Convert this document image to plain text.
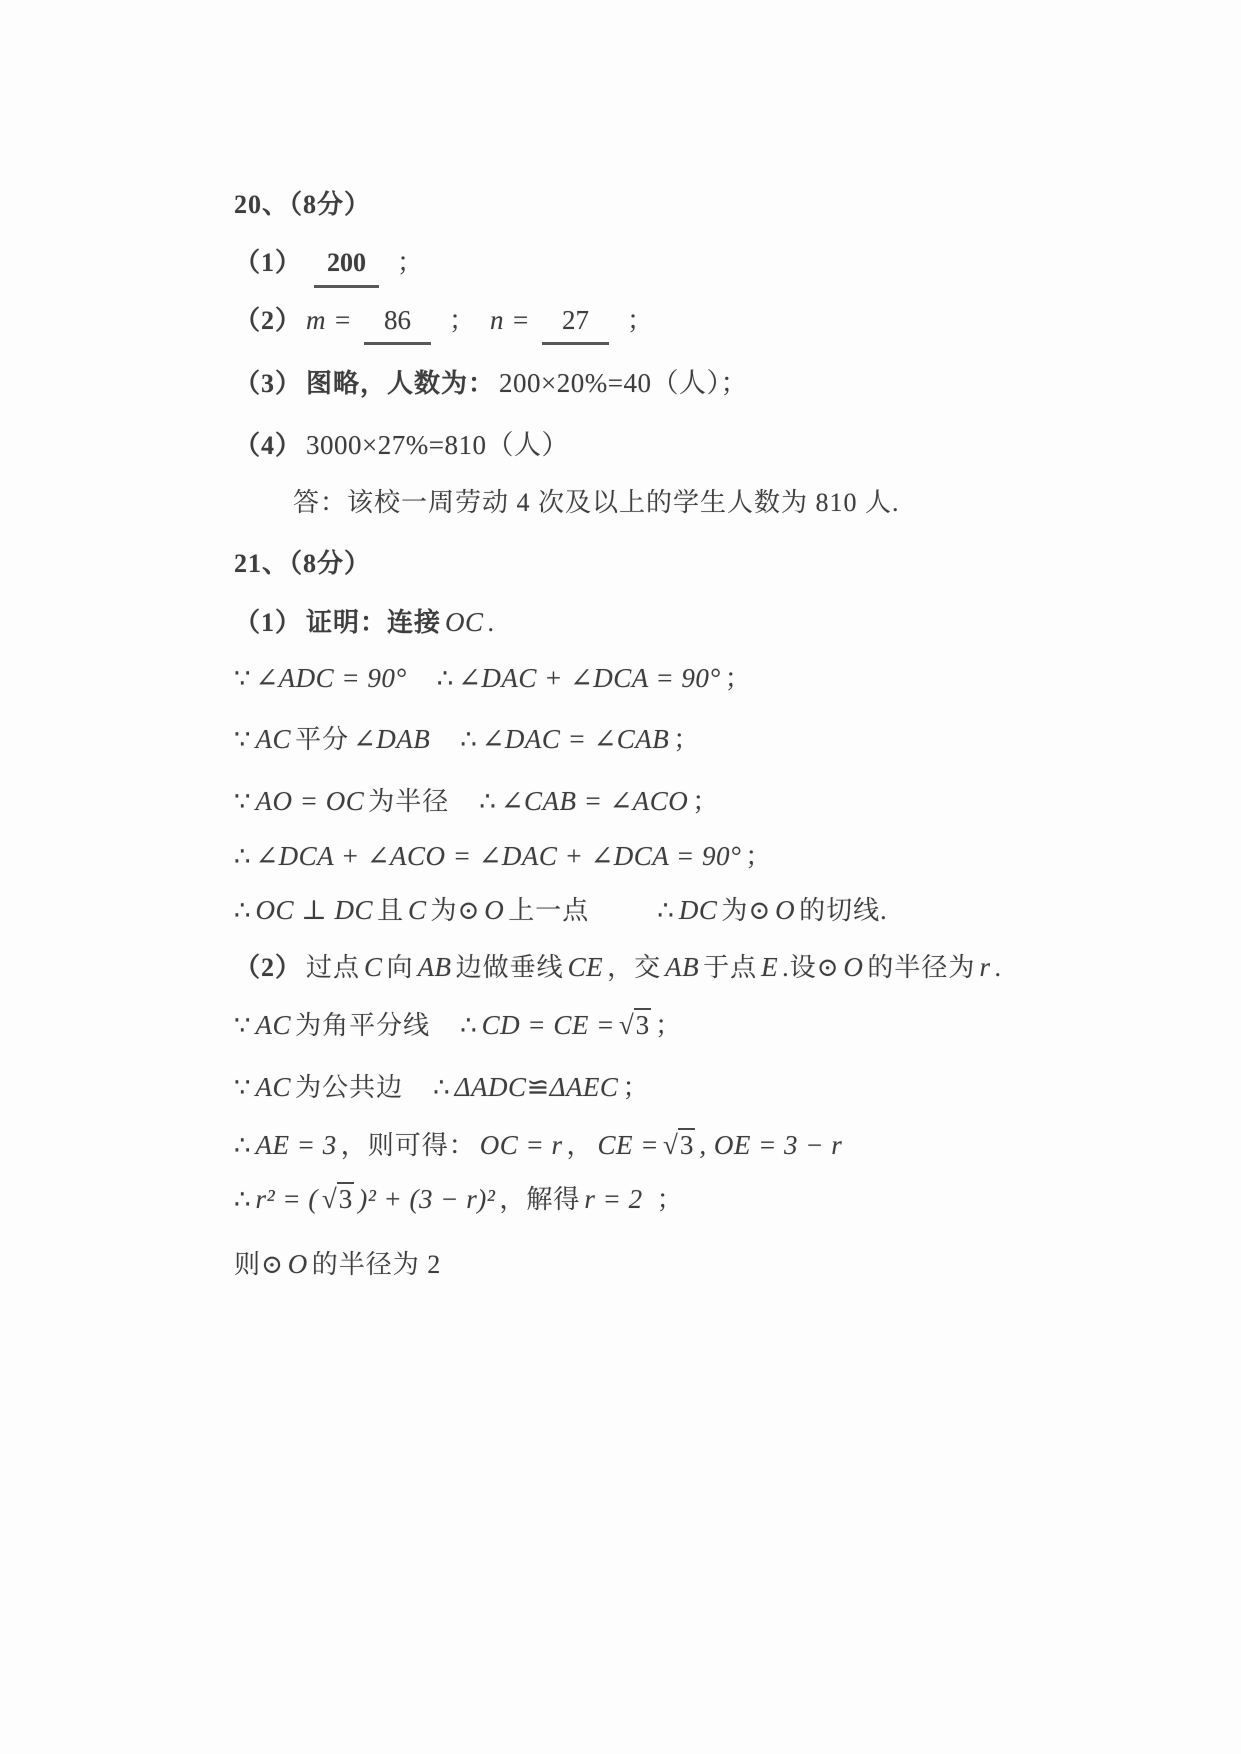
20、（8分）
（1） 200 ；
（2） m = 86 ； n = 27 ；
（3） 图略，人数为： 200×20%=40（人）；
（4） 3000×27%=810（人）
答：该校一周劳动 4 次及以上的学生人数为 810 人.
21、（8分）
（1） 证明：连接 OC .
∵ ∠ADC = 90° ∴ ∠DAC + ∠DCA = 90° ；
∵ AC 平分 ∠DAB ∴ ∠DAC = ∠CAB ；
∵ AO = OC 为半径 ∴ ∠CAB = ∠ACO ；
∴ ∠DCA + ∠ACO = ∠DAC + ∠DCA = 90° ；
∴ OC ⊥ DC 且 C 为⊙ O 上一点	∴ DC 为⊙ O 的切线.
（2） 过点 C 向 AB 边做垂线 CE ，交 AB 于点 E .设⊙ O 的半径为 r .
∵ AC 为角平分线 ∴ CD = CE = √3 ；
∵ AC 为公共边 ∴ ΔADC≌ΔAEC ；
∴ AE = 3 ，则可得： OC = r ， CE = √3 , OE = 3 − r
∴ r² = ( √3 )² + (3 − r)² ，解得 r = 2 ；
则⊙ O 的半径为 2
